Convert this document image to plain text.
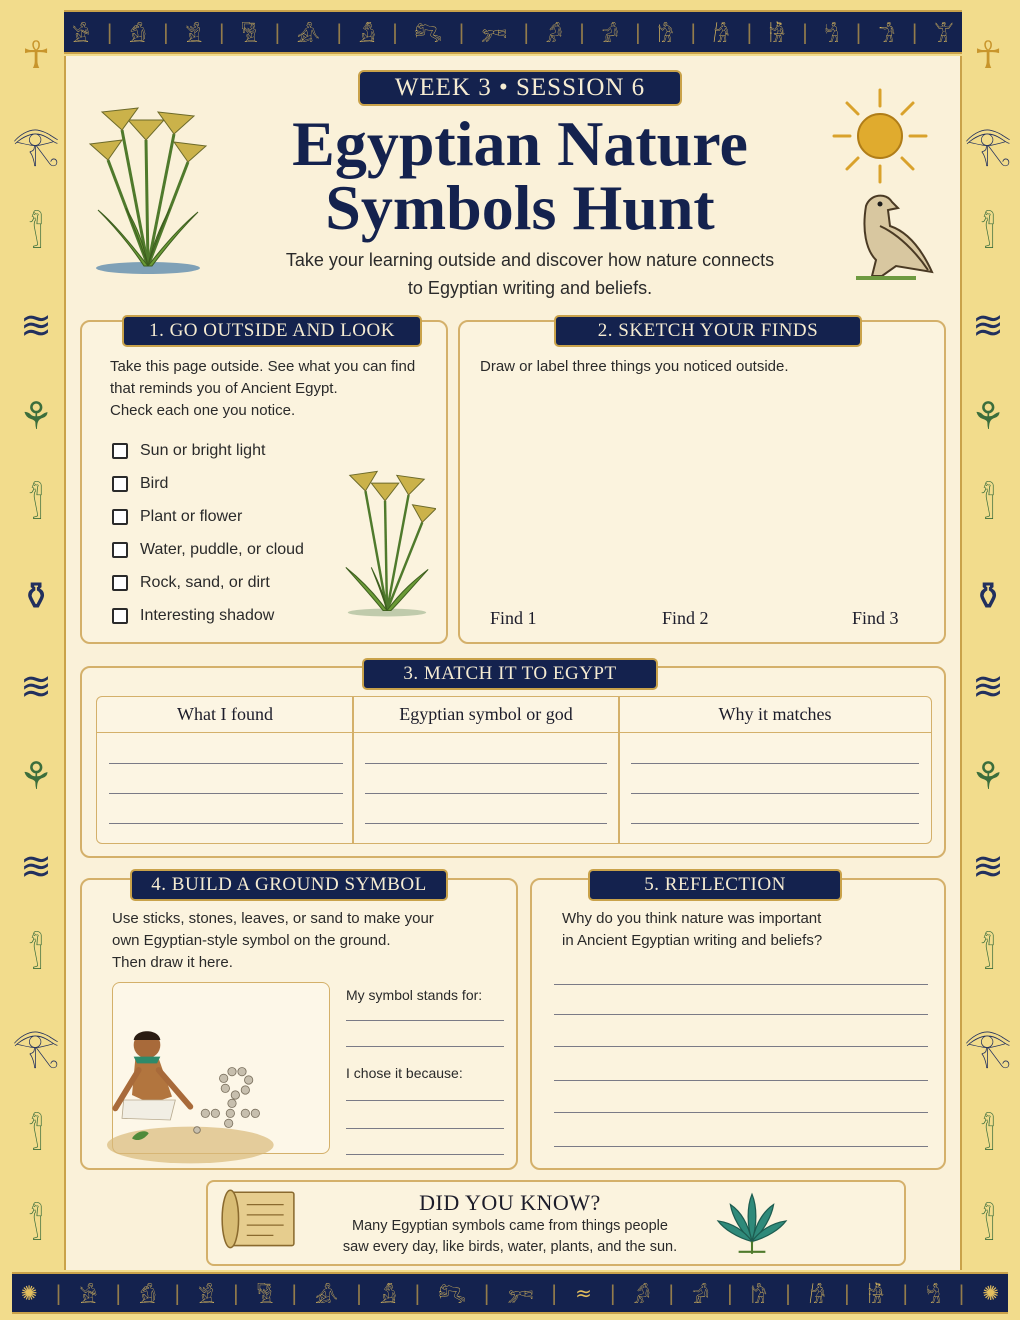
𓀀 | 𓀁 | 𓀃 | 𓀅 | 𓀉 | 𓀋 | 𓀐 | 𓀒 | 𓀔 | 𓀕 | 𓀗 | 𓀙 | 𓀛 | 𓀜 | 𓀞 | 𓀠
✺ | 𓀀 | 𓀁 | 𓀃 | 𓀅 | 𓀉 | 𓀋 | 𓀐 | 𓀒 | ≈ | 𓀔 | 𓀕 | 𓀗 | 𓀙 | 𓀛 | 𓀜 | ✺
☥
𓂀
𓀾
≋
⚘
𓀾
⚱
≋
⚘
≋
𓀾
𓂀
𓀾
𓀾
☥
𓂀
𓀾
≋
⚘
𓀾
⚱
≋
⚘
≋
𓀾
𓂀
𓀾
𓀾
WEEK 3 • SESSION 6
Egyptian Nature
Symbols Hunt
Take your learning outside and discover how nature connects
to Egyptian writing and beliefs.
1. GO OUTSIDE AND LOOK
Take this page outside. See what you can find
that reminds you of Ancient Egypt.
Check each one you notice.
Sun or bright light
Bird
Plant or flower
Water, puddle, or cloud
Rock, sand, or dirt
Interesting shadow
2. SKETCH YOUR FINDS
Draw or label three things you noticed outside.
Find 1	Find 2	Find 3
3. MATCH IT TO EGYPT
What I found	Egyptian symbol or god	Why it matches
4. BUILD A GROUND SYMBOL
Use sticks, stones, leaves, or sand to make your
own Egyptian-style symbol on the ground.
Then draw it here.
My symbol stands for:
I chose it because:
5. REFLECTION
Why do you think nature was important
in Ancient Egyptian writing and beliefs?
DID YOU KNOW?
Many Egyptian symbols came from things people
saw every day, like birds, water, plants, and the sun.
